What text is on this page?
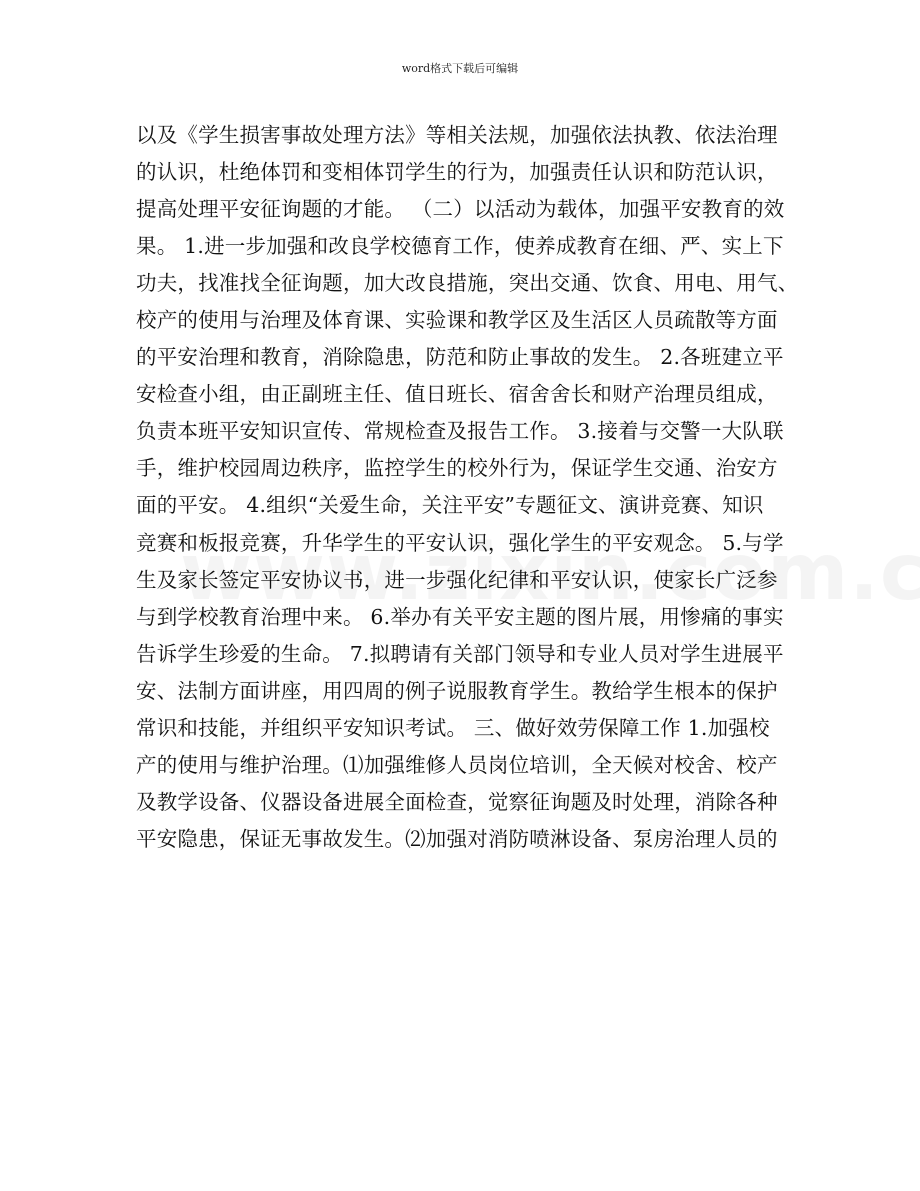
word格式下载后可编辑
以及《学生损害事故处理方法》等相关法规，加强依法执教、依法治理
的认识，杜绝体罚和变相体罚学生的行为，加强责任认识和防范认识，
提高处理平安征询题的才能。 （二）以活动为载体，加强平安教育的效
果。 1.进一步加强和改良学校德育工作，使养成教育在细、严、实上下
功夫，找准找全征询题，加大改良措施，突出交通、饮食、用电、用气、
校产的使用与治理及体育课、实验课和教学区及生活区人员疏散等方面
的平安治理和教育，消除隐患，防范和防止事故的发生。 2.各班建立平
安检查小组，由正副班主任、值日班长、宿舍舍长和财产治理员组成，
负责本班平安知识宣传、常规检查及报告工作。 3.接着与交警一大队联
手，维护校园周边秩序，监控学生的校外行为，保证学生交通、治安方
面的平安。 4.组织“关爱生命，关注平安”专题征文、演讲竞赛、知识
竞赛和板报竞赛，升华学生的平安认识，强化学生的平安观念。 5.与学
生及家长签定平安协议书，进一步强化纪律和平安认识，使家长广泛参
与到学校教育治理中来。 6.举办有关平安主题的图片展，用惨痛的事实
告诉学生珍爱的生命。 7.拟聘请有关部门领导和专业人员对学生进展平
安、法制方面讲座，用四周的例子说服教育学生。教给学生根本的保护
常识和技能，并组织平安知识考试。 三、做好效劳保障工作 1.加强校
产的使用与维护治理。⑴加强维修人员岗位培训，全天候对校舍、校产
及教学设备、仪器设备进展全面检查，觉察征询题及时处理，消除各种
平安隐患，保证无事故发生。⑵加强对消防喷淋设备、泵房治理人员的
